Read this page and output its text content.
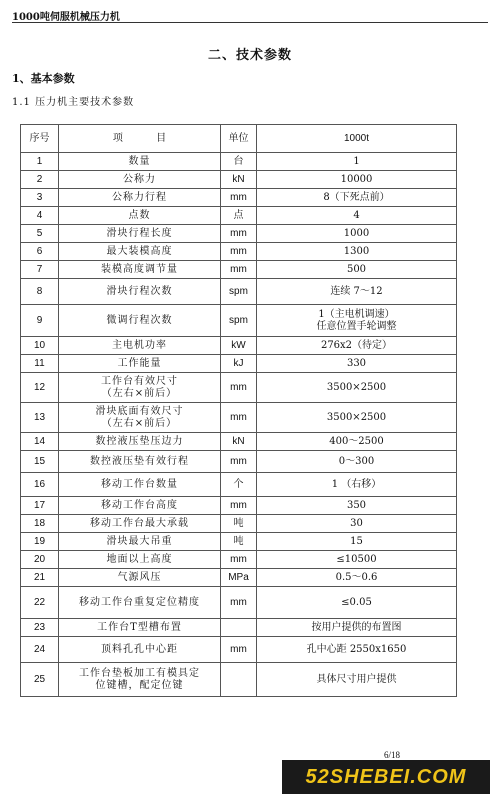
1000吨伺服机械压力机
二、技术参数
1、基本参数
1.1 压力机主要技术参数
序号	项 目	单位	1000t
1	数量	台	1

2	公称力	kN	10000

3	公称力行程	mm	8（下死点前）

4	点数	点	4

5	滑块行程长度	mm	1000

6	最大装模高度	mm	1300

7	装模高度调节量	mm	500

8	滑块行程次数	spm	连续 7～12

9	微调行程次数	spm	1（主电机调速）
任意位置手轮调整

10	主电机功率	kW	276x2（待定）

11	工作能量	kJ	330

12	工作台有效尺寸
（左右×前后）	mm	3500×2500

13	滑块底面有效尺寸
（左右×前后）	mm	3500×2500

14	数控液压垫压边力	kN	400～2500

15	数控液压垫有效行程	mm	0～300

16	移动工作台数量	个	1 （右移）

17	移动工作台高度	mm	350

18	移动工作台最大承载	吨	30

19	滑块最大吊重	吨	15

20	地面以上高度	mm	≤10500

21	气源风压	MPa	0.5～0.6

22	移动工作台重复定位精度	mm	≤0.05

23	工作台T型槽布置		按用户提供的布置图

24	顶料孔孔中心距	mm	孔中心距 2550x1650

25	工作台垫板加工有模具定
位键槽，配定位键		具体尺寸用户提供
6/18
52SHEBEI.COM
